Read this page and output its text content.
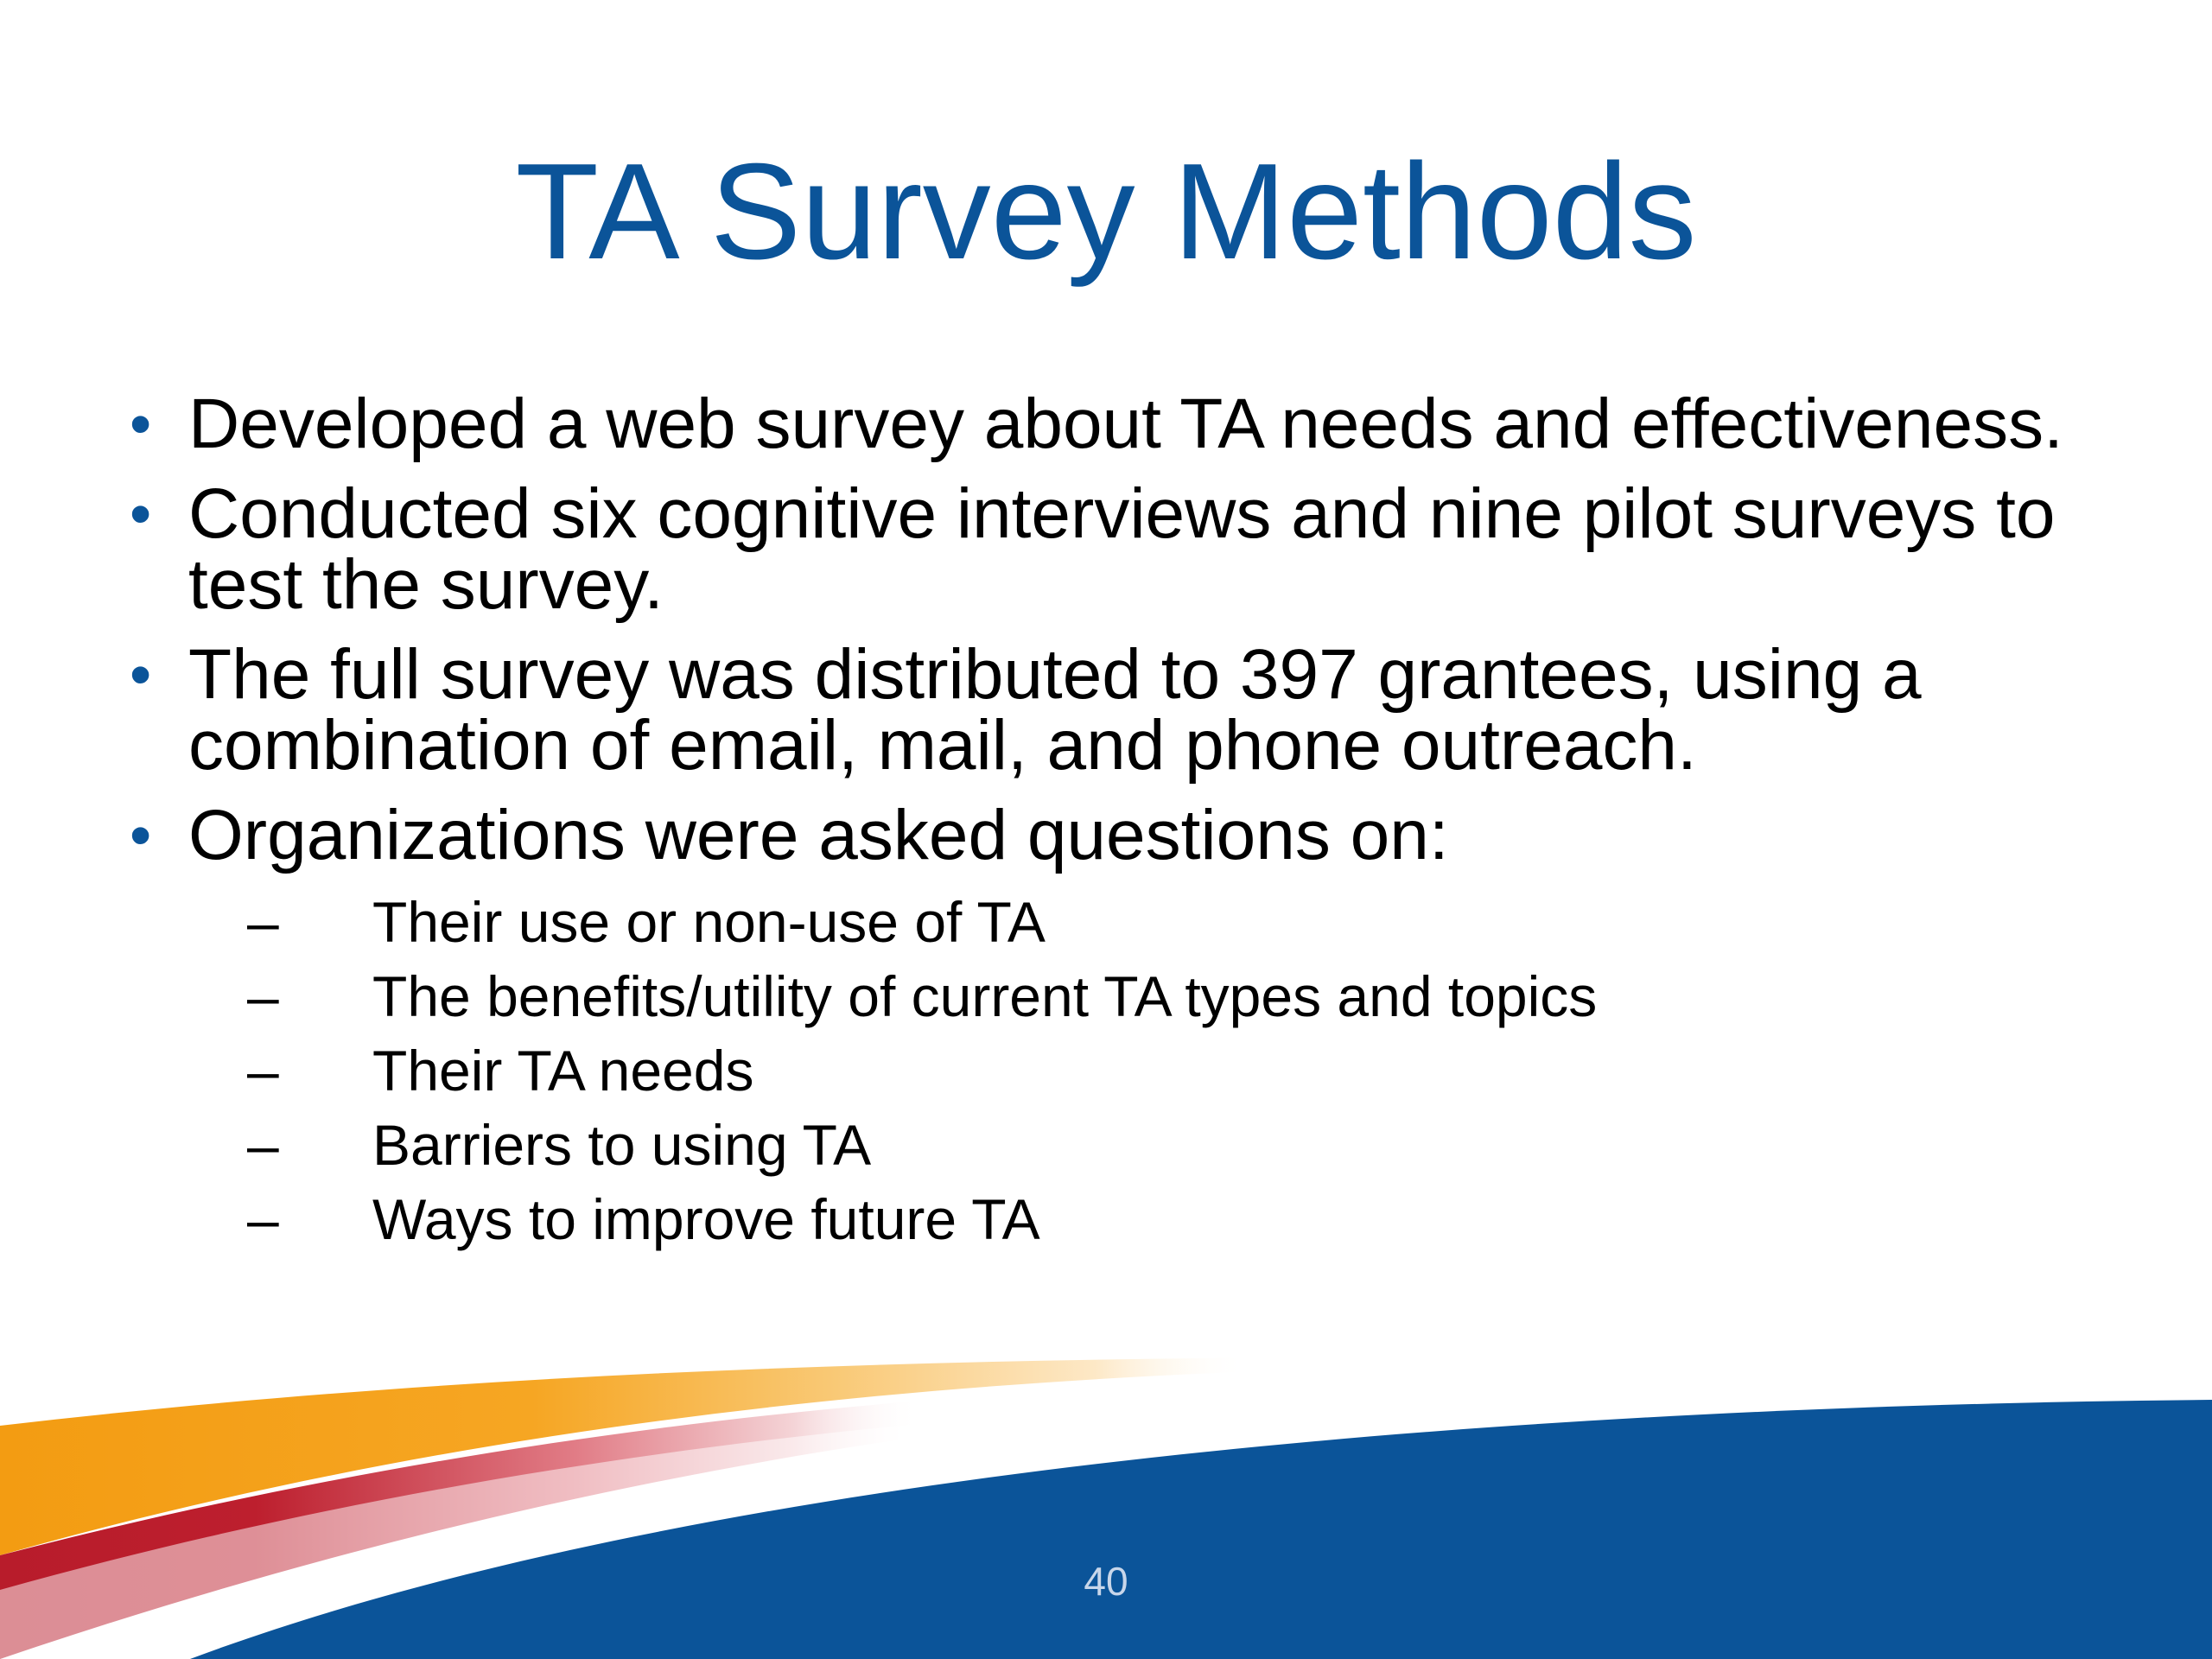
TA Survey Methods
• Developed a web survey about TA needs and effectiveness.
• Conducted six cognitive interviews and nine pilot surveys to test the survey.
• The full survey was distributed to 397 grantees, using a combination of email, mail, and phone outreach.
• Organizations were asked questions on:
– Their use or non-use of TA
– The benefits/utility of current TA types and topics
– Their TA needs
– Barriers to using TA
– Ways to improve future TA
40
